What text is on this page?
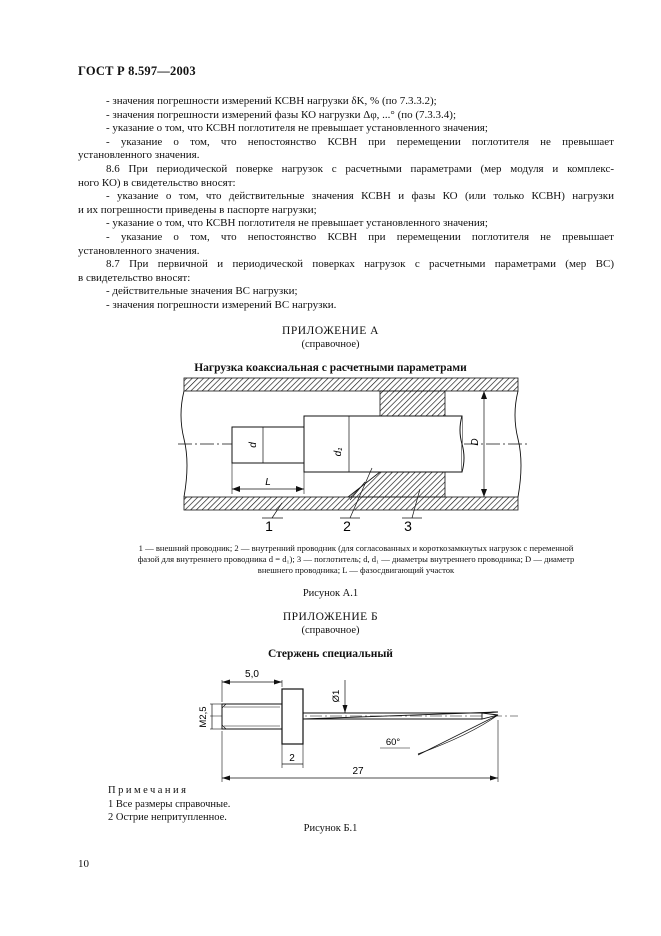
ГОСТ Р 8.597—2003
- значения погрешности измерений КСВН нагрузки δK, % (по 7.3.3.2);
- значения погрешности измерений фазы КО нагрузки Δφ, ...° (по (7.3.3.4);
- указание о том, что КСВН поглотителя не превышает установленного значения;
- указание о том, что непостоянство КСВН при перемещении поглотителя не превышает
установленного значения.
8.6 При периодической поверке нагрузок с расчетными параметрами (мер модуля и комплекс-
ного КО) в свидетельство вносят:
- указание о том, что действительные значения КСВН и фазы КО (или только КСВН) нагрузки
и их погрешности приведены в паспорте нагрузки;
- указание о том, что КСВН поглотителя не превышает установленного значения;
- указание о том, что непостоянство КСВН при перемещении поглотителя не превышает
установленного значения.
8.7 При первичной и периодической поверках нагрузок с расчетными параметрами (мер ВС)
в свидетельство вносят:
- действительные значения ВС нагрузки;
- значения погрешности измерений ВС нагрузки.
ПРИЛОЖЕНИЕ А
(справочное)
Нагрузка коаксиальная с расчетными параметрами
d
d₁
D
L
1	2	3
1 — внешний проводник; 2 — внутренний проводник (для согласованных и короткозамкнутых нагрузок с переменной
фазой для внутреннего проводника d = d₁); 3 — поглотитель; d, d₁ — диаметры внутреннего проводника; D — диаметр
внешнего проводника; L — фазосдвигающий участок
Рисунок А.1
ПРИЛОЖЕНИЕ Б
(справочное)
Стержень специальный
5,0
M2,5
Ø1
60°
2
27
Примечания
1 Все размеры справочные.
2 Острие непритупленное.
Рисунок Б.1
10
